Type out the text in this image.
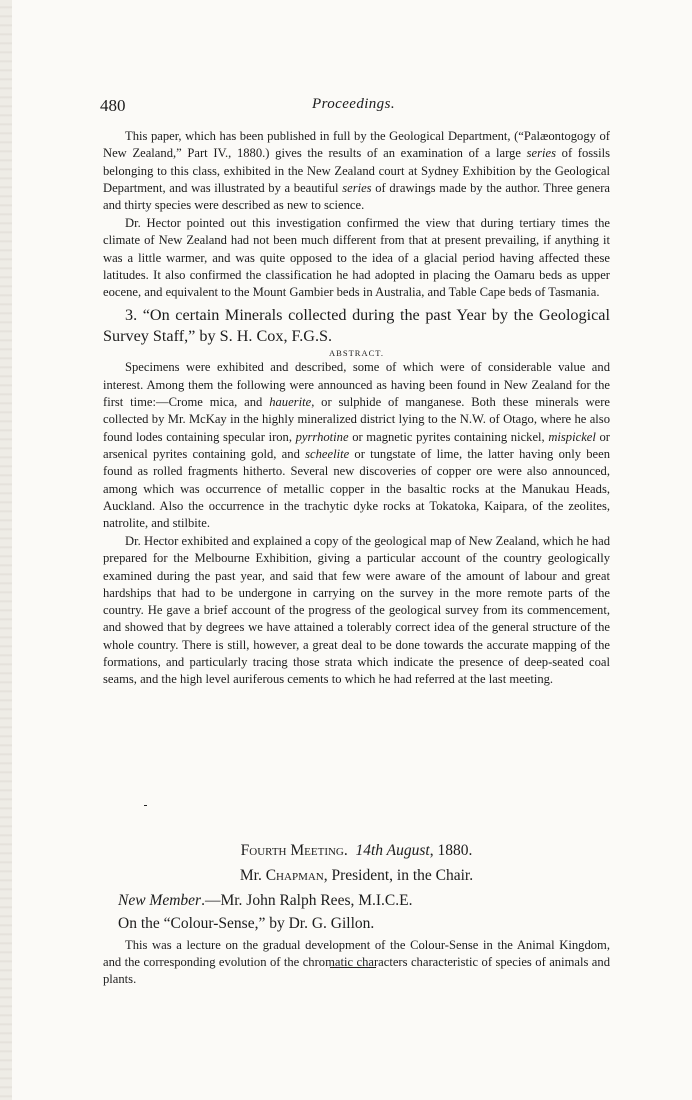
480	Proceedings.

This paper, which has been published in full by the Geological Department, (“Palæontogogy of New Zealand,” Part IV., 1880.) gives the results of an examination of a large series of fossils belonging to this class, exhibited in the New Zealand court at Sydney Exhibition by the Geological Department, and was illustrated by a beautiful series of drawings made by the author. Three genera and thirty species were described as new to science.

Dr. Hector pointed out this investigation confirmed the view that during tertiary times the climate of New Zealand had not been much different from that at present prevailing, if anything it was a little warmer, and was quite opposed to the idea of a glacial period having affected these latitudes. It also confirmed the classification he had adopted in placing the Oamaru beds as upper eocene, and equivalent to the Mount Gambier beds in Australia, and Table Cape beds of Tasmania.

3. “On certain Minerals collected during the past Year by the Geological Survey Staff,” by S. H. Cox, F.G.S.

ABSTRACT.

Specimens were exhibited and described, some of which were of considerable value and interest. Among them the following were announced as having been found in New Zealand for the first time:—Crome mica, and hauerite, or sulphide of manganese. Both these minerals were collected by Mr. McKay in the highly mineralized district lying to the N.W. of Otago, where he also found lodes containing specular iron, pyrrhotine or magnetic pyrites containing nickel, mispickel or arsenical pyrites containing gold, and scheelite or tungstate of lime, the latter having only been found as rolled fragments hitherto. Several new discoveries of copper ore were also announced, among which was occurrence of metallic copper in the basaltic rocks at the Manukau Heads, Auckland. Also the occurrence in the trachytic dyke rocks at Tokatoka, Kaipara, of the zeolites, natrolite, and stilbite.

Dr. Hector exhibited and explained a copy of the geological map of New Zealand, which he had prepared for the Melbourne Exhibition, giving a particular account of the country geologically examined during the past year, and said that few were aware of the amount of labour and great hardships that had to be undergone in carrying on the survey in the more remote parts of the country. He gave a brief account of the progress of the geological survey from its commencement, and showed that by degrees we have attained a tolerably correct idea of the general structure of the whole country. There is still, however, a great deal to be done towards the accurate mapping of the formations, and particularly tracing those strata which indicate the presence of deep-seated coal seams, and the high level auriferous cements to which he had referred at the last meeting.

Fourth Meeting. 14th August, 1880.
Mr. Chapman, President, in the Chair.
New Member.—Mr. John Ralph Rees, M.I.C.E.
On the “Colour-Sense,” by Dr. G. Gillon.
This was a lecture on the gradual development of the Colour-Sense in the Animal Kingdom, and the corresponding evolution of the chromatic characters characteristic of species of animals and plants.
